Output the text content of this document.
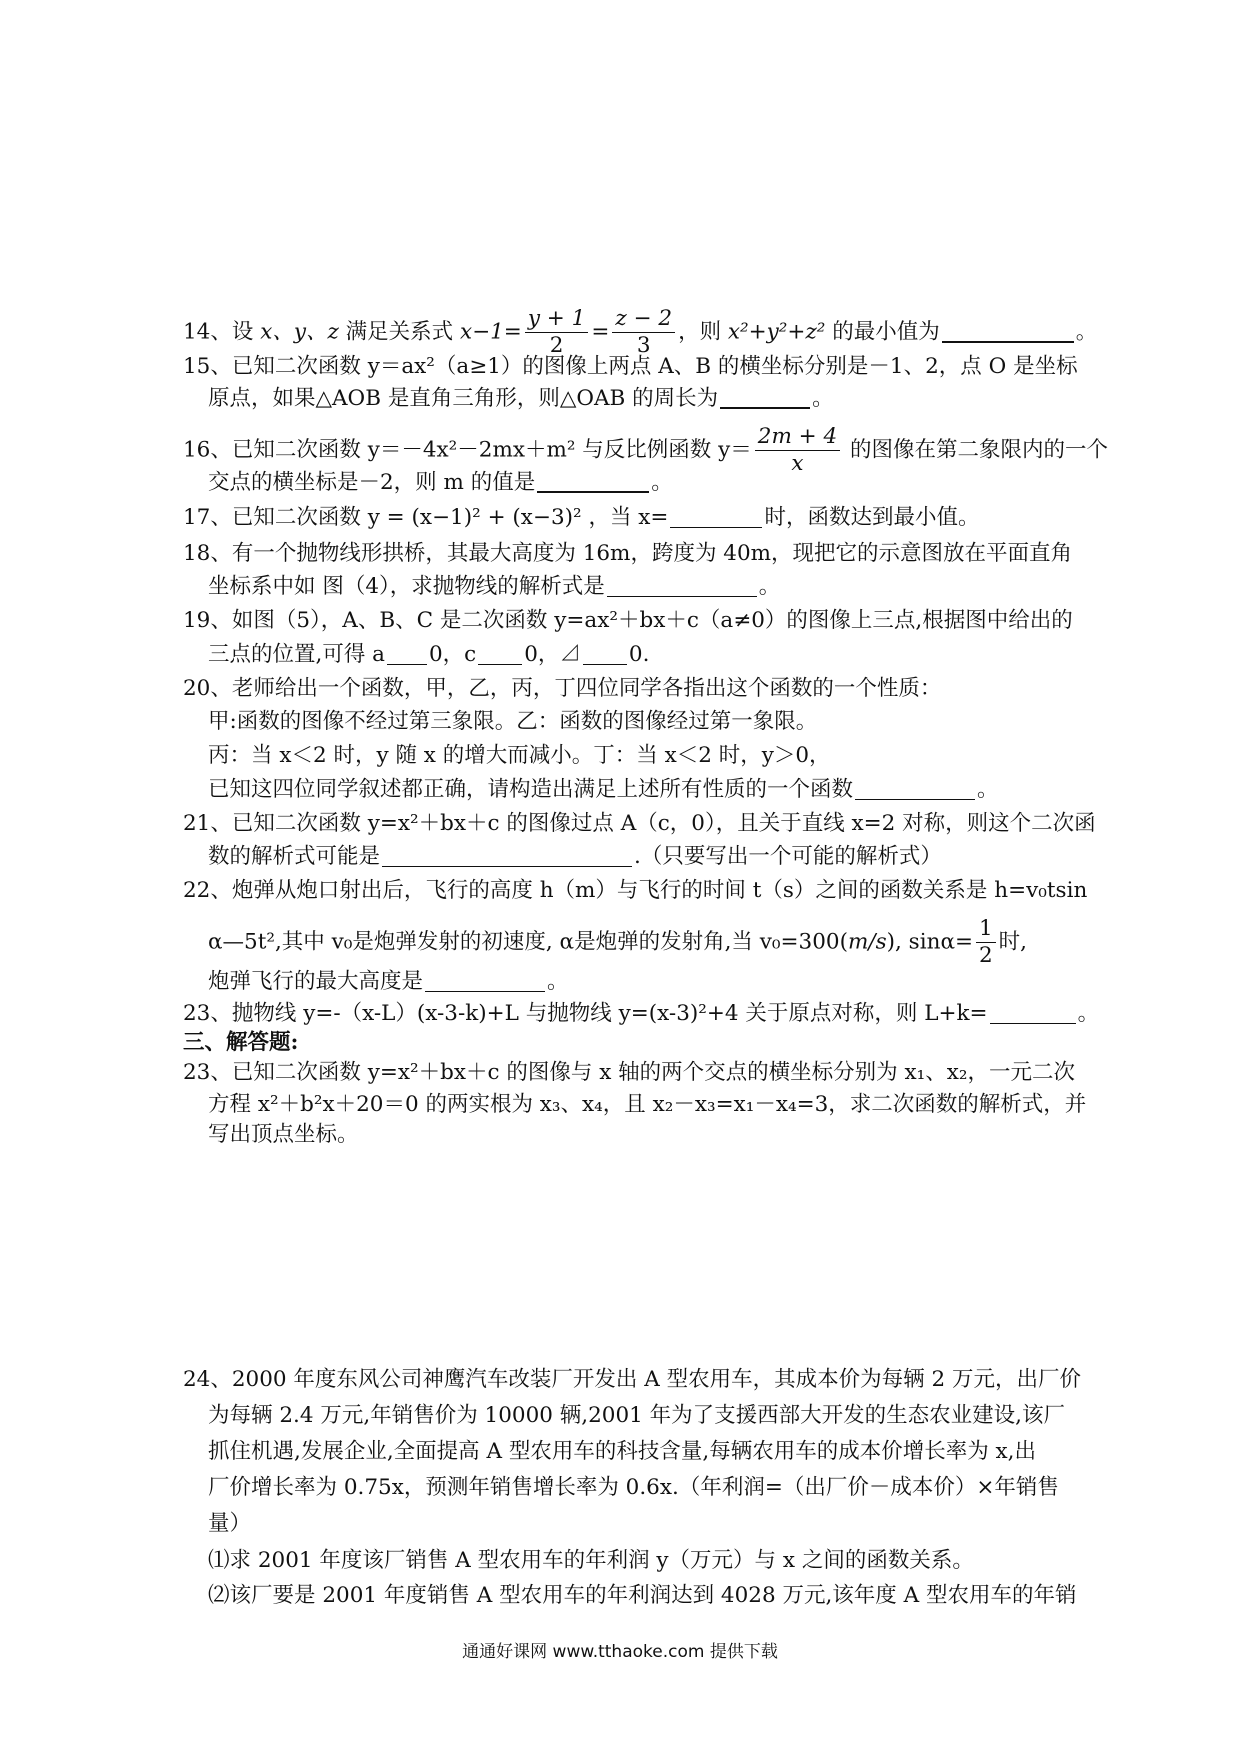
14、设 x、y、z 满足关系式 $x-1= \frac{y + 1}{2} = \frac{z - 2}{3}$ ，则 x²+y²+z² 的最小值为	。
15、已知二次函数 y＝ax²（a≥1）的图像上两点 A、B 的横坐标分别是－1、2，点 O 是坐标
原点，如果△AOB 是直角三角形，则△OAB 的周长为	。
16、已知二次函数 y＝－4x²－2mx＋m² 与反比例函数 $y= \frac{2m + 4}{x}$ 的图像在第二象限内的一个
交点的横坐标是－2，则 m 的值是	。
17、已知二次函数 y = (x−1)² + (x−3)² ，当 x=	时，函数达到最小值。
18、有一个抛物线形拱桥，其最大高度为 16m，跨度为 40m，现把它的示意图放在平面直角
坐标系中如 图（4），求抛物线的解析式是	。
19、如图（5），A、B、C 是二次函数 y=ax²＋bx＋c（a≠0）的图像上三点,根据图中给出的
三点的位置,可得 a 0，c 0，⊿ 0.
20、老师给出一个函数，甲，乙，丙，丁四位同学各指出这个函数的一个性质：
甲:函数的图像不经过第三象限。乙：函数的图像经过第一象限。
丙：当 x＜2 时，y 随 x 的增大而减小。丁：当 x＜2 时，y＞0，
已知这四位同学叙述都正确，请构造出满足上述所有性质的一个函数	。
21、已知二次函数 y=x²＋bx＋c 的图像过点 A（c，0），且关于直线 x=2 对称，则这个二次函
数的解析式可能是	.（只要写出一个可能的解析式）
22、炮弹从炮口射出后，飞行的高度 h（m）与飞行的时间 t（s）之间的函数关系是 h=v₀tsin
α—5t²,其中 v₀是炮弹发射的初速度, α是炮弹的发射角,当 v₀=300(m/s), $\sin\alpha= \frac{1}{2}$ 时,
炮弹飞行的最大高度是	。
23、抛物线 y=-（x-L）(x-3-k)+L 与抛物线 y=(x-3)²+4 关于原点对称，则 L+k=	。
三、解答题:
23、已知二次函数 y=x²＋bx＋c 的图像与 x 轴的两个交点的横坐标分别为 x₁、x₂，一元二次
方程 x²＋b²x＋20＝0 的两实根为 x₃、x₄，且 x₂－x₃=x₁－x₄=3，求二次函数的解析式，并
写出顶点坐标。
24、2000 年度东风公司神鹰汽车改装厂开发出 A 型农用车，其成本价为每辆 2 万元，出厂价
为每辆 2.4 万元,年销售价为 10000 辆,2001 年为了支援西部大开发的生态农业建设,该厂
抓住机遇,发展企业,全面提高 A 型农用车的科技含量,每辆农用车的成本价增长率为 x,出
厂价增长率为 0.75x，预测年销售增长率为 0.6x.（年利润=（出厂价－成本价）×年销售
量）
⑴求 2001 年度该厂销售 A 型农用车的年利润 y（万元）与 x 之间的函数关系。
⑵该厂要是 2001 年度销售 A 型农用车的年利润达到 4028 万元,该年度 A 型农用车的年销
通通好课网 www.tthaoke.com 提供下载
